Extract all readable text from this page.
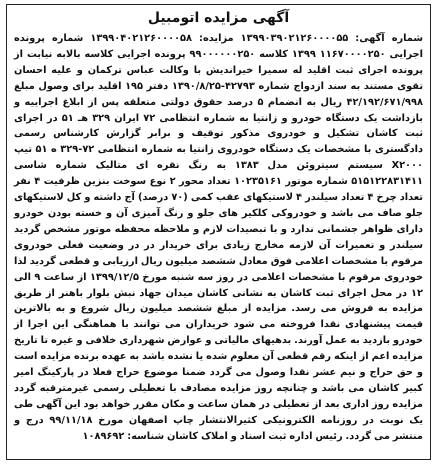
آگهی مزایده اتومبیل

شماره آگهی: ۱۳۹۹۰۳۹۰۲۱۲۶۰۰۰۰۵۵ مزایده: ۱۳۹۹۰۴۰۲۱۲۶۰۰۰۰۵۸ شماره پرونده اجرایی ۱۱۶۷۰۰۰۰۲۵۰ ۱۳۹۹ کلاسه ۹۹۰۰۰۰۰۰۲۵۰ پرونده اجرایی کلاسه بالابه نیابت از پرونده اجرای ثبت اقلید له سمیرا خیراندیش با وکالت عباس ترکمان و علیه احسان تقوی مستند به سند ازدواج شماره ۴۲۷۹۳-۱۳۹۰/۸/۲۵ دفتر ۱۹۵ اقلید برای وصول مبلغ ۴۲/۱۹۲/۶۷۱/۹۹۸ ریال به انضمام ۵ درصد حقوق دولتی متعلقه پس از ابلاغ اجراییه و بازداشت یک دستگاه خودرو و زانتیا به شماره انتظامی ۷۲ ایران ۳۲۹ هـ ۵۱ در اجرای ثبت کاشان تشکیل و خودروی مذکور توقیف و برابر گزارش کارشناس رسمی دادگستری با مشخصات یک دستگاه خودروی زانتیا به شماره انتظامی ۷۲-۳۲۹ ه ۵۱ تیپ X۲۰۰۰ سیستم سیتروئن مدل ۱۳۸۳ به رنگ نقره ای متالیک شماره شاسی ۵۱۵۱۲۲۸۳۱۴۱۱ شماره موتور ۱۰۲۳۵۱۶۱ تعداد محور ۲ نوع سوخت بنزین ظرفیت ۴ نفر تعداد چرخ ۴ تعداد سیلندر ۴ لاستیکهای عقب کمی (۷۰ درصد) آج داشته و کل لاستیکهای جلو صاف می باشد و خودروکی کلکیر های جلو و رنگ آمیزی آن و خسته بودن خودرو دارای ظواهر جشمانی ندارد و با تبصیدات لازم و ملاحظه محفظه موتور مشخص گردید سیلندر و تعمیرات آن لازمه مخارج زیادی برای خریدار در در وضعیت فعلی خودروی مرقوم با مشخصات اعلامی فوق معادل ششصد میلیون ریال ارزیابی و قطعی گردید لذا خودروی مرقوم با مشخصات اعلامی در روز سه شنبه مورخ ۱۳۹۹/۱۲/۵ از ساعت ۹ الی ۱۲ در محل اجرای ثبت کاشان به نشانی کاشان میدان جهاد نبش بلوار باهنر از طریق مزایده به فروش می رسد. مزایده از مبلغ ششصد میلیون ریال شروع و به بالاترین قیمت پیشنهادی نقدا فروخته می شود خریداران می توانند با هماهنگی این اجرا از خودرو بازدید به عمل آورند. بدهیهای مالیاتی و عوارض شهرداری خلافی و غیره تا تاریخ مزایده اعم از اینکه رقم قطعی آن معلوم شده یا نشده باشد به عهده برنده مزایده است و حق حراج و نیم عشر نقدا وصول می گردد ضمنا موضوع حراج فعلا در پارکینگ امیر کبیر کاشان می باشد و چنانچه روز مزایده مصادف با تعطیلی رسمی غیرمترقبه گردد مزایده روز اداری بعد از تعطیلی در همان ساعت و مکان مقرر خواهد بود این آگهی طی یک نوبت در روزنامه الکترونیکی کثیرالانتشار چاپ اصفهان مورخ ۹۹/۱۱/۱۸ درج و منتشر می گردد. رئیس اداره ثبت اسناد و املاک کاشان شناسه: ۱۰۸۹۶۹۲
